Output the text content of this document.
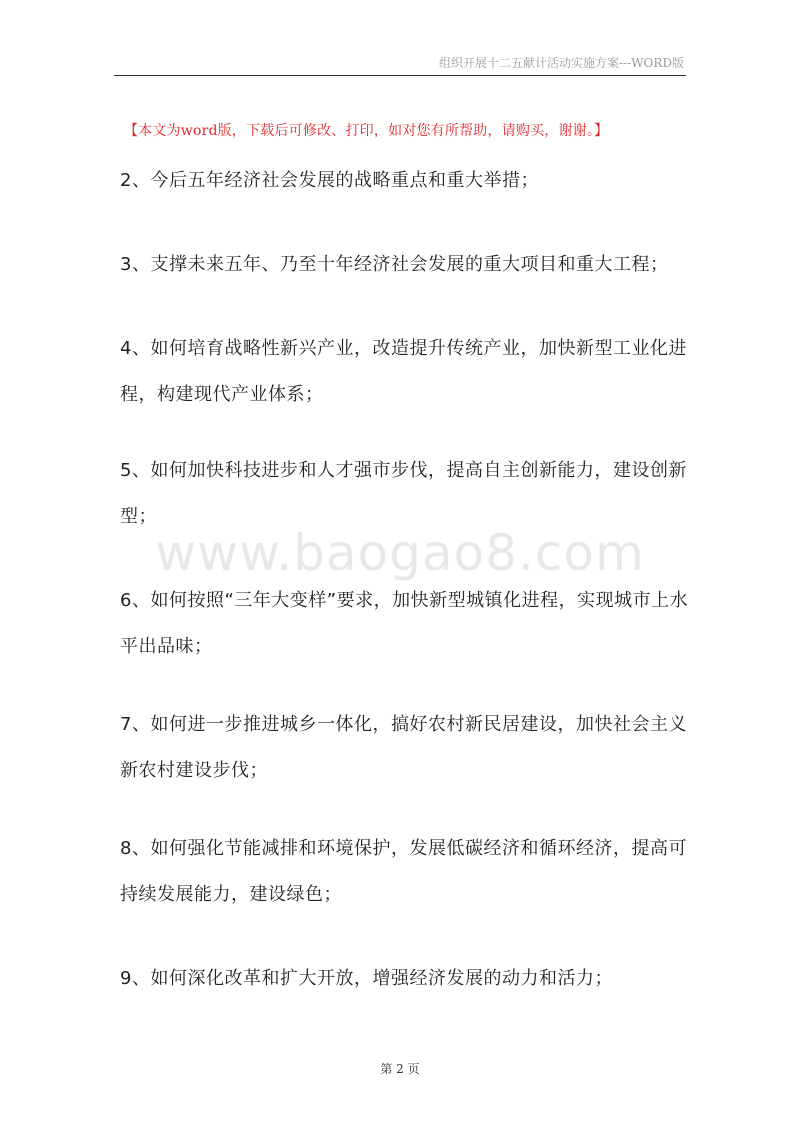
组织开展十二五献计活动实施方案---WORD版
【本文为word版，下载后可修改、打印，如对您有所帮助，请购买，谢谢。】
2、今后五年经济社会发展的战略重点和重大举措；
3、支撑未来五年、乃至十年经济社会发展的重大项目和重大工程；
4、如何培育战略性新兴产业，改造提升传统产业，加快新型工业化进程，构建现代产业体系；
5、如何加快科技进步和人才强市步伐，提高自主创新能力，建设创新型；
6、如何按照“三年大变样”要求，加快新型城镇化进程，实现城市上水平出品味；
7、如何进一步推进城乡一体化，搞好农村新民居建设，加快社会主义新农村建设步伐；
8、如何强化节能减排和环境保护，发展低碳经济和循环经济，提高可持续发展能力，建设绿色；
9、如何深化改革和扩大开放，增强经济发展的动力和活力；
www.baogao8.com
第 2 页
